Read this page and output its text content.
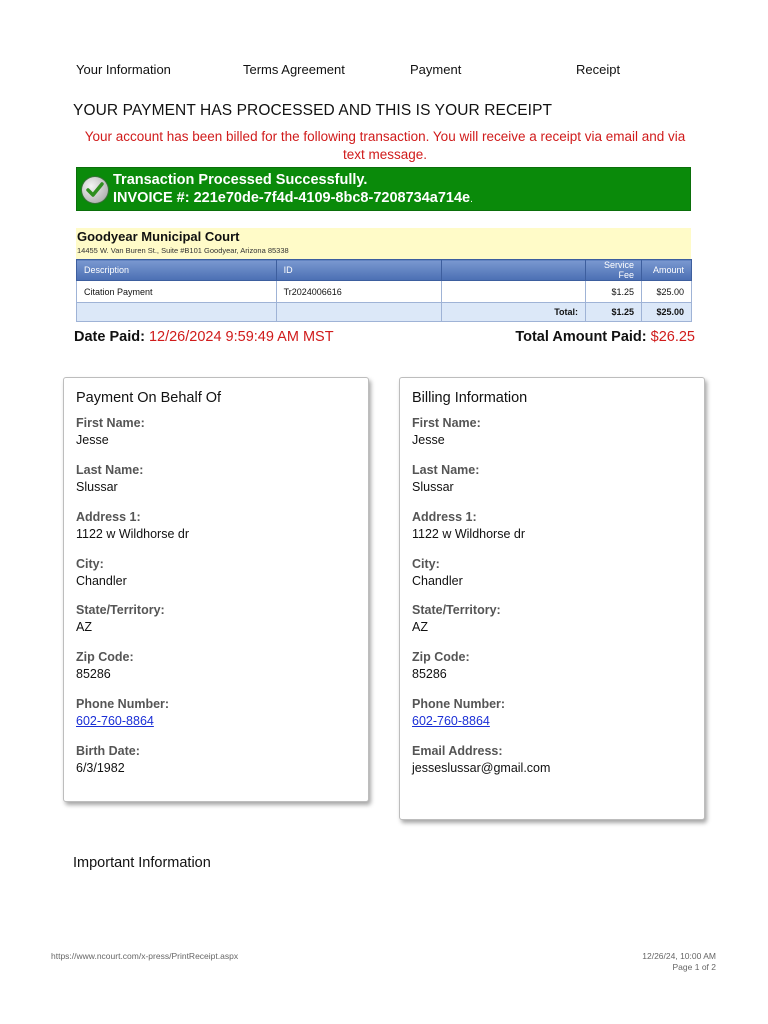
Your Information	Terms Agreement	Payment	Receipt
YOUR PAYMENT HAS PROCESSED AND THIS IS YOUR RECEIPT
Your account has been billed for the following transaction. You will receive a receipt via email and via text message.
Transaction Processed Successfully.
INVOICE #: 221e70de-7f4d-4109-8bc8-7208734a714e.
Goodyear Municipal Court
14455 W. Van Buren St., Suite #B101 Goodyear, Arizona 85338
Description	ID		Service Fee	Amount
Citation Payment	Tr2024006616		$1.25	$25.00
		Total:	$1.25	$25.00
Date Paid: 12/26/2024 9:59:49 AM MST	Total Amount Paid: $26.25
Payment On Behalf Of
First Name:
Jesse
Last Name:
Slussar
Address 1:
1122 w Wildhorse dr
City:
Chandler
State/Territory:
AZ
Zip Code:
85286
Phone Number:
602-760-8864
Birth Date:
6/3/1982
Billing Information
First Name:
Jesse
Last Name:
Slussar
Address 1:
1122 w Wildhorse dr
City:
Chandler
State/Territory:
AZ
Zip Code:
85286
Phone Number:
602-760-8864
Email Address:
jesseslussar@gmail.com
Important Information
https://www.ncourt.com/x-press/PrintReceipt.aspx	12/26/24, 10:00 AM
Page 1 of 2
